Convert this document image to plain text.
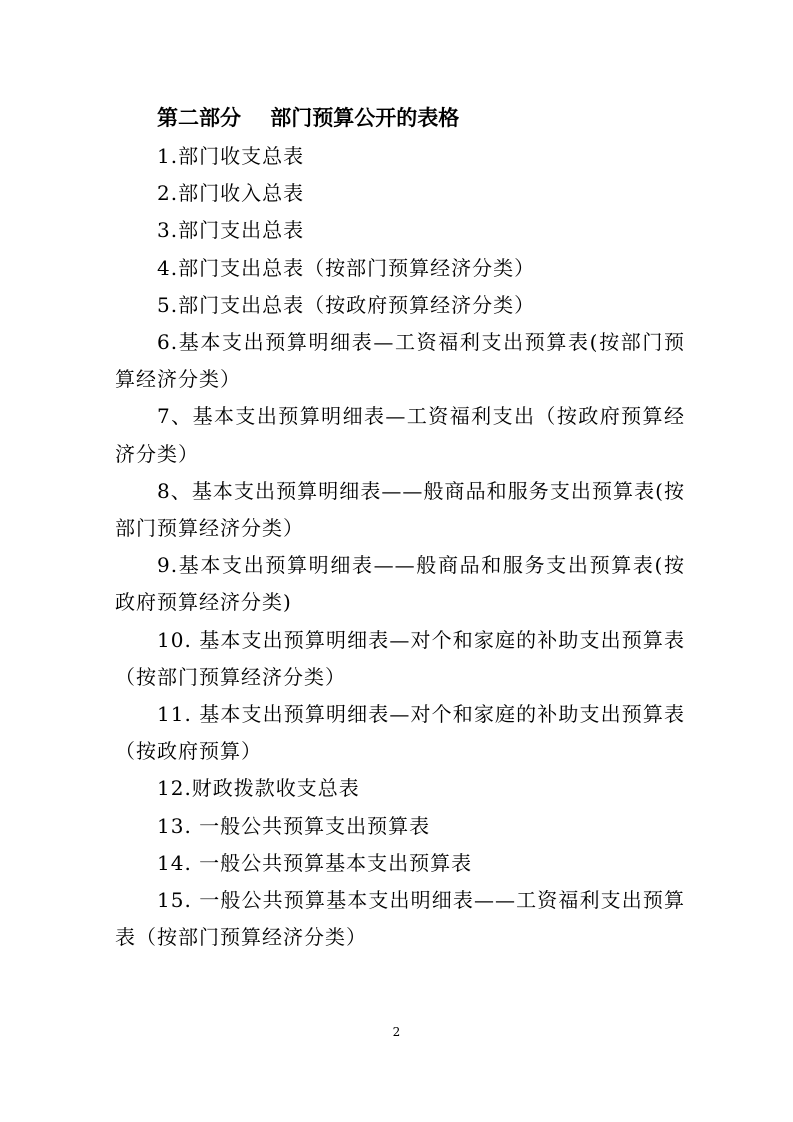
第二部分    部门预算公开的表格

1.部门收支总表

2.部门收入总表

3.部门支出总表

4.部门支出总表（按部门预算经济分类）

5.部门支出总表（按政府预算经济分类）

6.基本支出预算明细表—工资福利支出预算表(按部门预算经济分类）

7、基本支出预算明细表—工资福利支出（按政府预算经济分类）

8、基本支出预算明细表——般商品和服务支出预算表(按部门预算经济分类）

9.基本支出预算明细表——般商品和服务支出预算表(按政府预算经济分类)

10. 基本支出预算明细表—对个和家庭的补助支出预算表（按部门预算经济分类）

11. 基本支出预算明细表—对个和家庭的补助支出预算表（按政府预算）

12.财政拨款收支总表

13. 一般公共预算支出预算表

14. 一般公共预算基本支出预算表

15. 一般公共预算基本支出明细表——工资福利支出预算表（按部门预算经济分类）

2
